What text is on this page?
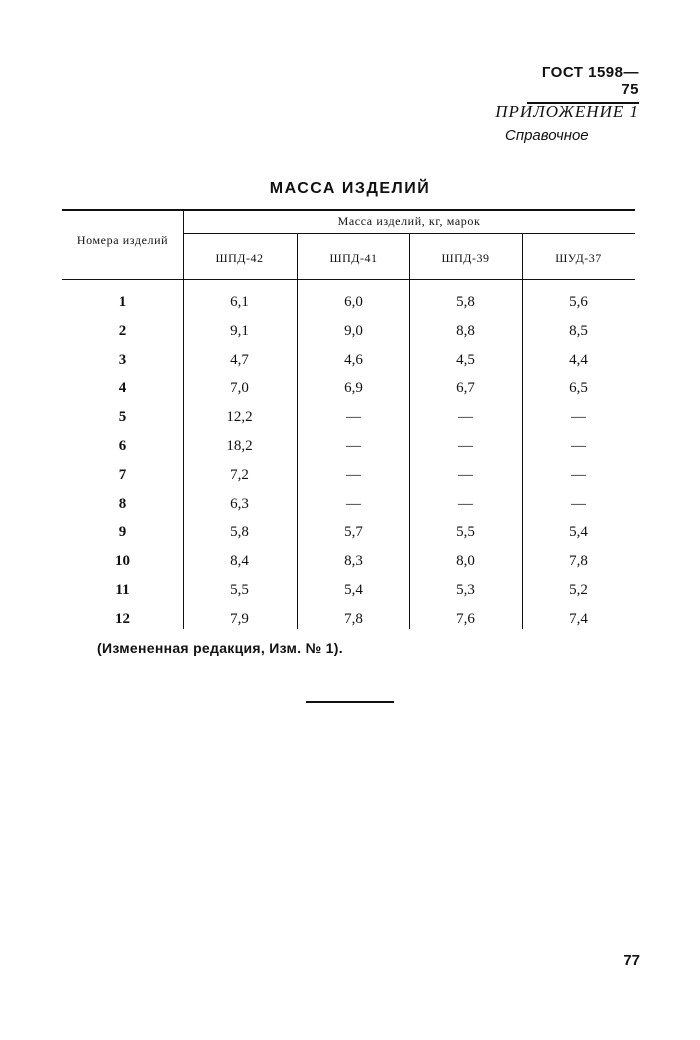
ГОСТ 1598—75
ПРИЛОЖЕНИЕ 1
Справочное
МАССА ИЗДЕЛИЙ
Номера изделий
Масса изделий, кг, марок
ШПД-42	ШПД-41	ШПД-39	ШУД-37
1	6,1	6,0	5,8	5,6
2	9,1	9,0	8,8	8,5
3	4,7	4,6	4,5	4,4
4	7,0	6,9	6,7	6,5
5	12,2	—	—	—
6	18,2	—	—	—
7	7,2	—	—	—
8	6,3	—	—	—
9	5,8	5,7	5,5	5,4
10	8,4	8,3	8,0	7,8
11	5,5	5,4	5,3	5,2
12	7,9	7,8	7,6	7,4
(Измененная редакция, Изм. № 1).
77
